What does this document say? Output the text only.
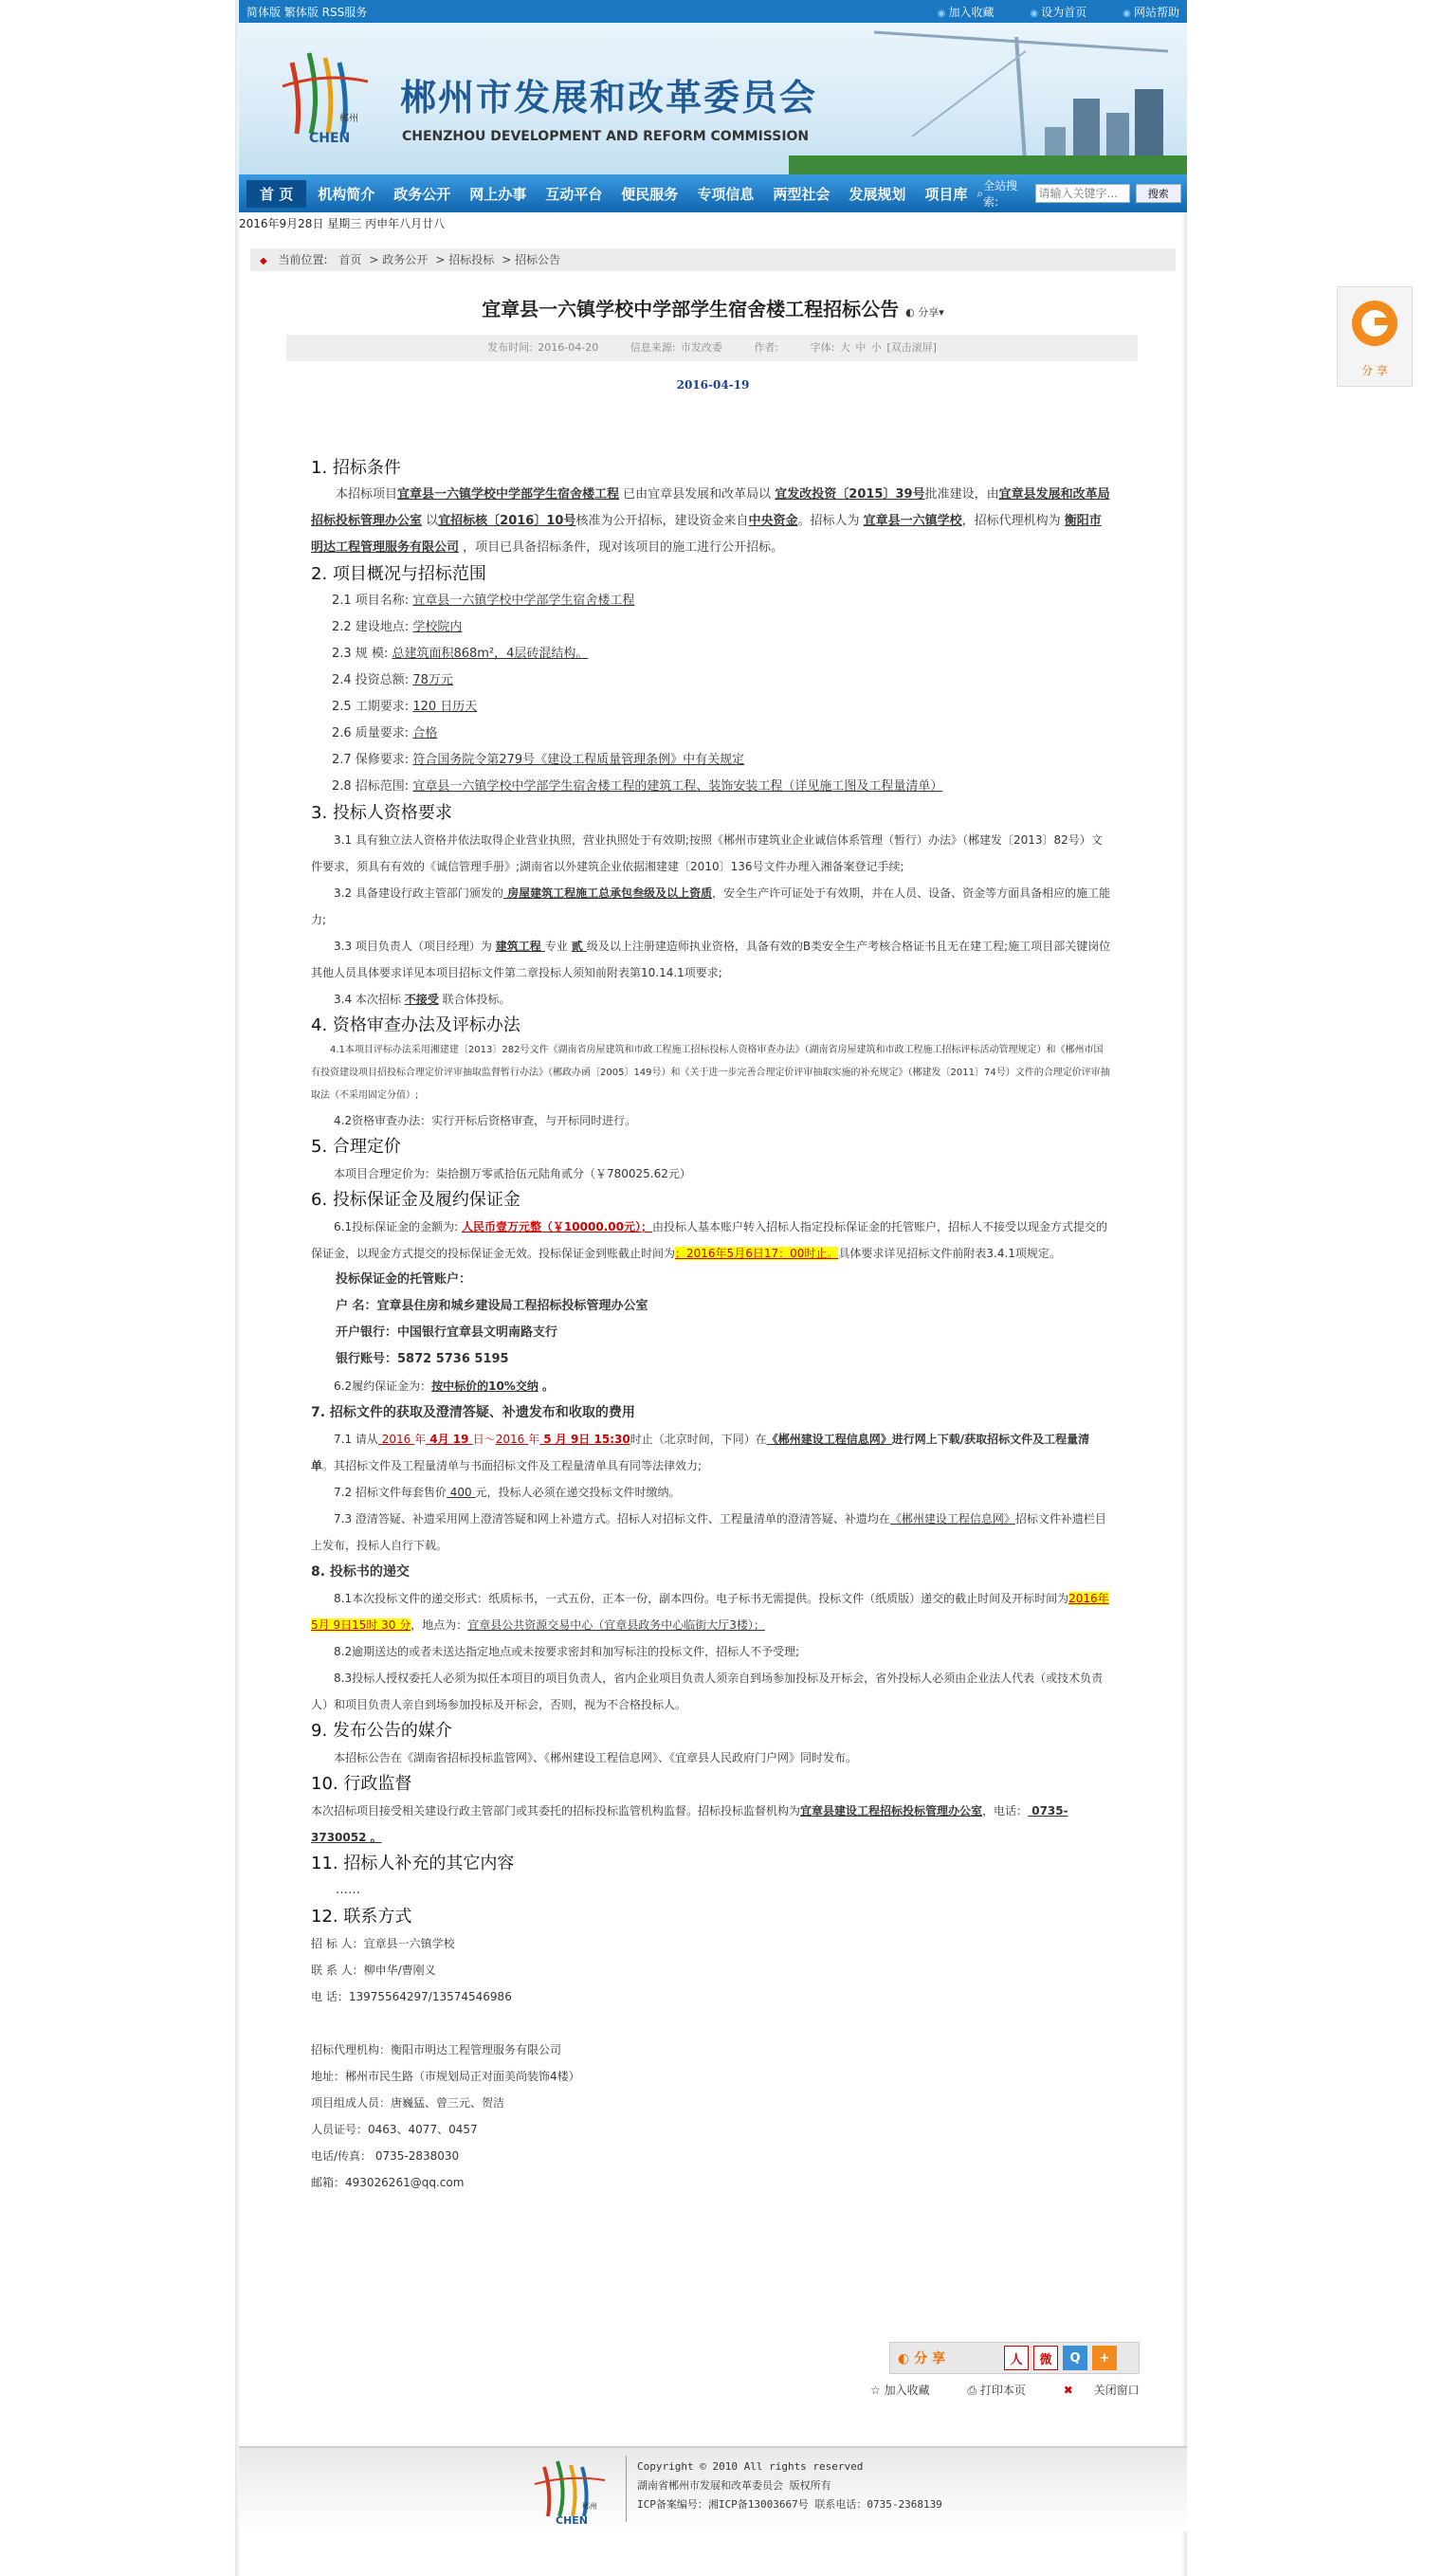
简体版 繁体版 RSS服务	◉ 加入收藏	◉ 设为首页	◉ 网站帮助
郴州
CHEN
郴州市发展和改革委员会
CHENZHOU DEVELOPMENT AND REFORM COMMISSION
首 页	机构简介	政务公开	网上办事	互动平台	便民服务	专项信息	两型社会	发展规划	项目库 ⌕
全站搜索:
请输入关键字...
搜索
2016年9月28日 星期三 丙申年八月廿八
◆ 当前位置: 首页 > 政务公开 > 招标投标 > 招标公告
宜章县一六镇学校中学部学生宿舍楼工程招标公告 ◐ 分享▾
发布时间: 2016-04-20	信息来源: 市发改委	作者:	字体: 大 中 小 [双击滚屏]
2016-04-19
1. 招标条件
本招标项目宜章县一六镇学校中学部学生宿舍楼工程 已由宜章县发展和改革局以 宜发改投资〔2015〕39号批准建设，由宜章县发展和改革局招标投标管理办公室 以宜招标核〔2016〕10号核准为公开招标，建设资金来自中央资金。招标人为 宜章县一六镇学校，招标代理机构为 衡阳市明达工程管理服务有限公司 ，项目已具备招标条件，现对该项目的施工进行公开招标。
2. 项目概况与招标范围
2.1 项目名称: 宜章县一六镇学校中学部学生宿舍楼工程
2.2 建设地点: 学校院内
2.3 规 模: 总建筑面积868m²，4层砖混结构。
2.4 投资总额: 78万元
2.5 工期要求: 120 日历天
2.6 质量要求: 合格
2.7 保修要求: 符合国务院令第279号《建设工程质量管理条例》中有关规定
2.8 招标范围: 宜章县一六镇学校中学部学生宿舍楼工程的建筑工程、装饰安装工程（详见施工图及工程量清单）
3. 投标人资格要求
3.1 具有独立法人资格并依法取得企业营业执照，营业执照处于有效期;按照《郴州市建筑业企业诚信体系管理（暂行）办法》（郴建发〔2013〕82号）文件要求，须具有有效的《诚信管理手册》;湖南省以外建筑企业依据湘建建〔2010〕136号文件办理入湘备案登记手续;
3.2 具备建设行政主管部门颁发的 房屋建筑工程施工总承包叁级及以上资质，安全生产许可证处于有效期，并在人员、设备、资金等方面具备相应的施工能力;
3.3 项目负责人（项目经理）为 建筑工程 专业 贰 级及以上注册建造师执业资格，具备有效的B类安全生产考核合格证书且无在建工程;施工项目部关键岗位其他人员具体要求详见本项目招标文件第二章投标人须知前附表第10.14.1项要求;
3.4 本次招标 不接受 联合体投标。
4. 资格审查办法及评标办法
4.1本项目评标办法采用湘建建〔2013〕282号文件《湖南省房屋建筑和市政工程施工招标投标人资格审查办法》（湖南省房屋建筑和市政工程施工招标评标活动管理规定）和《郴州市国有投资建设项目招投标合理定价评审抽取监督暂行办法》（郴政办函〔2005〕149号）和《关于进一步完善合理定价评审抽取实施的补充规定》（郴建发〔2011〕74号）文件的合理定价评审抽取法（不采用固定分值）;
4.2资格审查办法：实行开标后资格审查，与开标同时进行。
5. 合理定价
本项目合理定价为：柒拾捌万零贰拾伍元陆角贰分（￥780025.62元）
6. 投标保证金及履约保证金
6.1投标保证金的金额为: 人民币壹万元整（￥10000.00元）；由投标人基本账户转入招标人指定投标保证金的托管账户，招标人不接受以现金方式提交的保证金，以现金方式提交的投标保证金无效。投标保证金到账截止时间为：2016年5月6日17：00时止。具体要求详见招标文件前附表3.4.1项规定。
投标保证金的托管账户：
户 名：宜章县住房和城乡建设局工程招标投标管理办公室
开户银行：中国银行宜章县文明南路支行
银行账号：5872 5736 5195
6.2履约保证金为：按中标价的10%交纳 。
7. 招标文件的获取及澄清答疑、补遗发布和收取的费用
7.1 请从 2016 年 4月 19 日～2016 年 5 月 9日 15:30时止（北京时间，下同）在《郴州建设工程信息网》进行网上下载/获取招标文件及工程量清单。其招标文件及工程量清单与书面招标文件及工程量清单具有同等法律效力;
7.2 招标文件每套售价 400 元，投标人必须在递交投标文件时缴纳。
7.3 澄清答疑、补遗采用网上澄清答疑和网上补遗方式。招标人对招标文件、工程量清单的澄清答疑、补遗均在《郴州建设工程信息网》招标文件补遗栏目上发布，投标人自行下载。
8. 投标书的递交
8.1本次投标文件的递交形式：纸质标书，一式五份，正本一份，副本四份。电子标书无需提供。投标文件（纸质版）递交的截止时间及开标时间为2016年 5月 9日15时 30 分，地点为：宜章县公共资源交易中心（宜章县政务中心临街大厅3楼）；
8.2逾期送达的或者未送达指定地点或未按要求密封和加写标注的投标文件，招标人不予受理;
8.3投标人授权委托人必须为拟任本项目的项目负责人，省内企业项目负责人须亲自到场参加投标及开标会，省外投标人必须由企业法人代表（或技术负责人）和项目负责人亲自到场参加投标及开标会，否则，视为不合格投标人。
9. 发布公告的媒介
本招标公告在《湖南省招标投标监管网》、《郴州建设工程信息网》、《宜章县人民政府门户网》同时发布。
10. 行政监督
本次招标项目接受相关建设行政主管部门或其委托的招标投标监管机构监督。招标投标监督机构为宜章县建设工程招标投标管理办公室，电话： 0735-3730052 。
11. 招标人补充的其它内容
……
12. 联系方式
招 标 人：宜章县一六镇学校
联 系 人：柳申华/曹刚义
电 话：13975564297/13574546986
招标代理机构：衡阳市明达工程管理服务有限公司
地址：郴州市民生路（市规划局正对面美尚装饰4楼）
项目组成人员：唐巍猛、曾三元、贺洁
人员证号：0463、4077、0457
电话/传真： 0735-2838030
邮箱：493026261@qq.com
分 享
◐ 分 享	人	微	Q	+
☆ 加入收藏	⎙ 打印本页	✖ 关闭窗口
郴州
CHEN
Copyright © 2010 All rights reserved
湖南省郴州市发展和改革委员会 版权所有
ICP备案编号：湘ICP备13003667号 联系电话：0735-2368139
